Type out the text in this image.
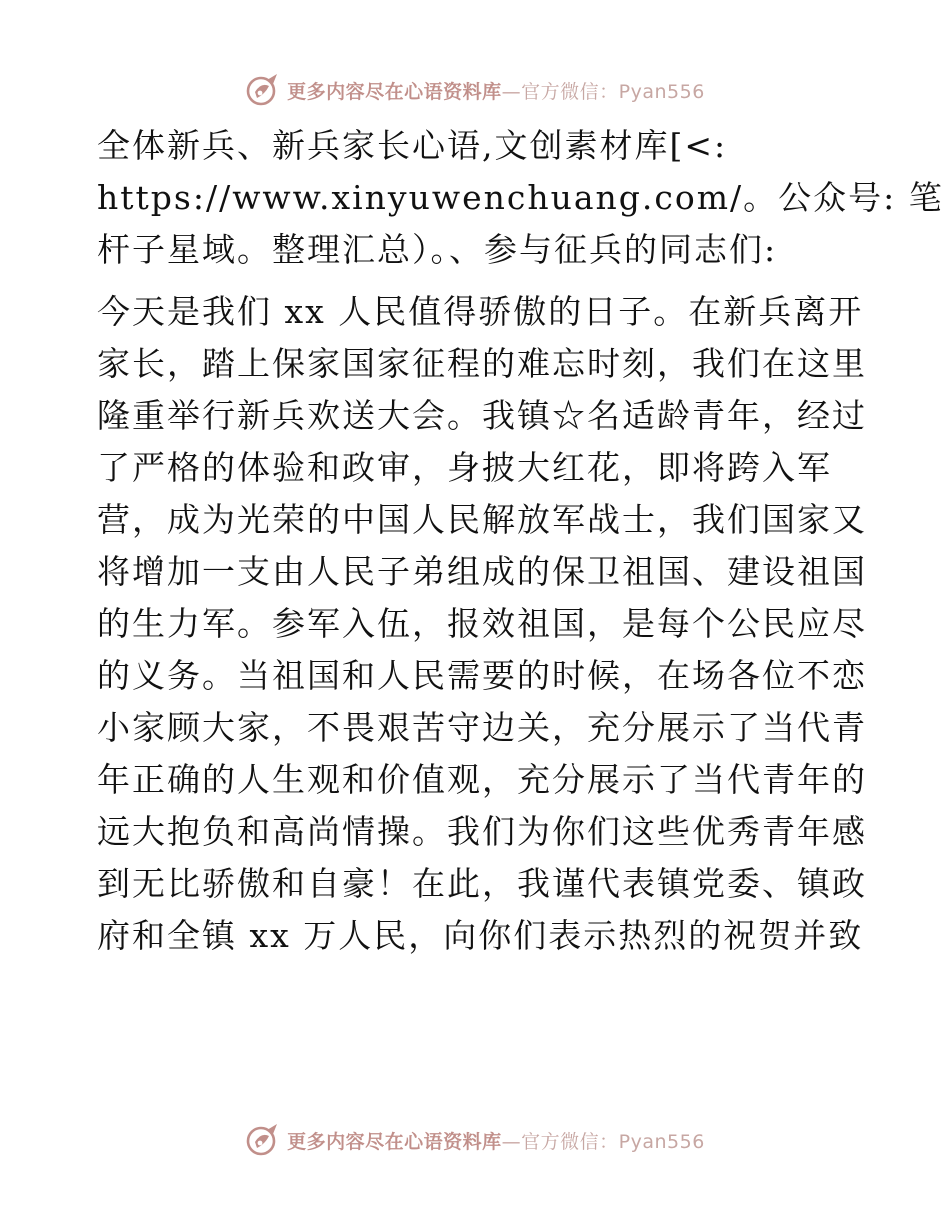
更多内容尽在心语资料库—官方微信：Pyan556

全体新兵、新兵家长心语,文创素材库[<:
https://www.xinyuwenchuang.com/。公众号: 笔
杆子星域。整理汇总）。、参与征兵的同志们:

今天是我们 xx 人民值得骄傲的日子。在新兵离开
家长，踏上保家国家征程的难忘时刻，我们在这里
隆重举行新兵欢送大会。我镇☆名适龄青年，经过
了严格的体验和政审，身披大红花，即将跨入军
营，成为光荣的中国人民解放军战士，我们国家又
将增加一支由人民子弟组成的保卫祖国、建设祖国
的生力军。参军入伍，报效祖国，是每个公民应尽
的义务。当祖国和人民需要的时候，在场各位不恋
小家顾大家，不畏艰苦守边关，充分展示了当代青
年正确的人生观和价值观，充分展示了当代青年的
远大抱负和高尚情操。我们为你们这些优秀青年感
到无比骄傲和自豪！在此，我谨代表镇党委、镇政
府和全镇 xx 万人民，向你们表示热烈的祝贺并致

更多内容尽在心语资料库—官方微信：Pyan556
